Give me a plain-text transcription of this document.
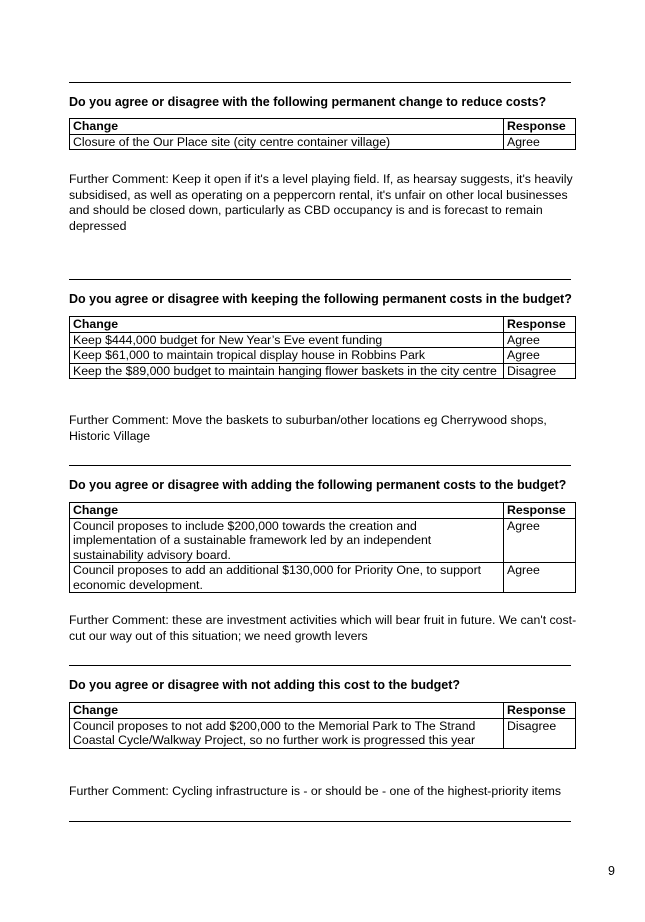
Do you agree or disagree with the following permanent change to reduce costs?
Change	Response
Closure of the Our Place site (city centre container village)	Agree
Further Comment: Keep it open if it's a level playing field. If, as hearsay suggests, it's heavily subsidised, as well as operating on a peppercorn rental, it's unfair on other local businesses and should be closed down, particularly as CBD occupancy is and is forecast to remain depressed
Do you agree or disagree with keeping the following permanent costs in the budget?
Change	Response
Keep $444,000 budget for New Year’s Eve event funding	Agree
Keep $61,000 to maintain tropical display house in Robbins Park	Agree
Keep the $89,000 budget to maintain hanging flower baskets in the city centre	Disagree
Further Comment: Move the baskets to suburban/other locations eg Cherrywood shops, Historic Village
Do you agree or disagree with adding the following permanent costs to the budget?
Change	Response
Council proposes to include $200,000 towards the creation and implementation of a sustainable framework led by an independent sustainability advisory board.	Agree
Council proposes to add an additional $130,000 for Priority One, to support economic development.	Agree
Further Comment: these are investment activities which will bear fruit in future. We can't cost-cut our way out of this situation; we need growth levers
Do you agree or disagree with not adding this cost to the budget?
Change	Response
Council proposes to not add $200,000 to the Memorial Park to The Strand Coastal Cycle/Walkway Project, so no further work is progressed this year	Disagree
Further Comment: Cycling infrastructure is - or should be - one of the highest-priority items
9
